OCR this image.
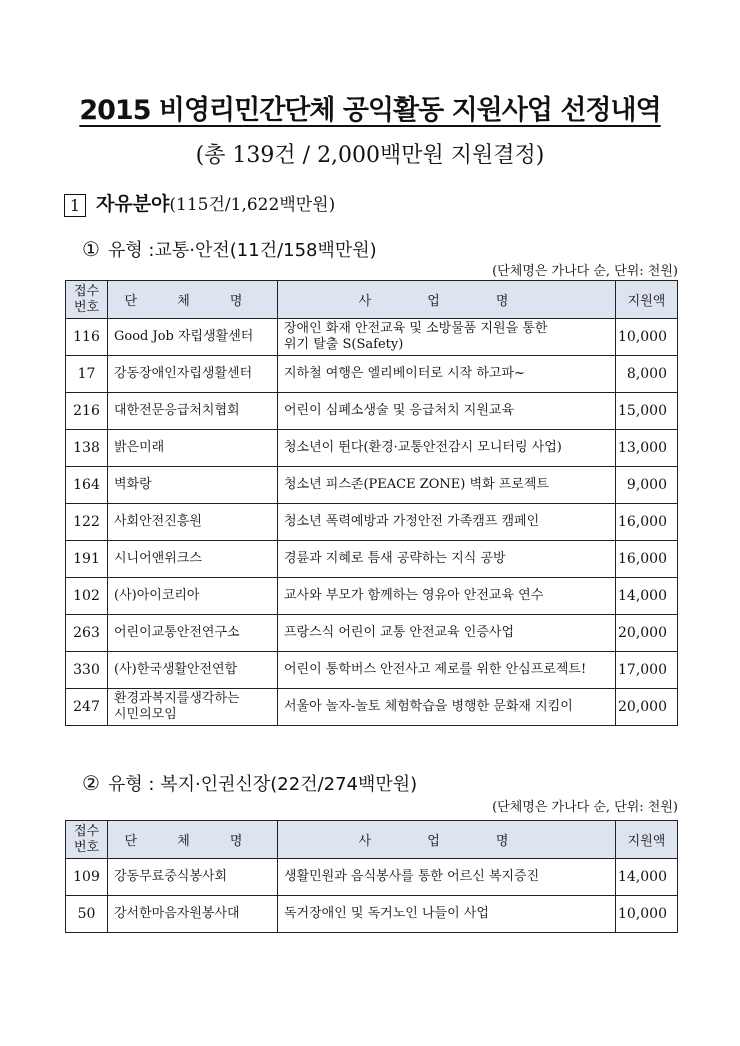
2015 비영리민간단체 공익활동 지원사업 선정내역
(총 139건 / 2,000백만원 지원결정)
1 자유분야(115건/1,622백만원)
① 유형 :교통·안전(11건/158백만원)
(단체명은 가나다 순, 단위: 천원)
접수
번호	단 체 명	사 업 명	지원액
116	Good Job 자립생활센터	장애인 화재 안전교육 및 소방물품 지원을 통한
위기 탈출 S(Safety)	10,000
17	강동장애인자립생활센터	지하철 여행은 엘리베이터로 시작 하고파~	8,000
216	대한전문응급처치협회	어린이 심폐소생술 및 응급처치 지원교육	15,000
138	밝은미래	청소년이 뛴다(환경·교통안전감시 모니터링 사업)	13,000
164	벽화랑	청소년 피스존(PEACE ZONE) 벽화 프로젝트	9,000
122	사회안전진흥원	청소년 폭력예방과 가정안전 가족캠프 캠페인	16,000
191	시니어앤위크스	경륜과 지혜로 틈새 공략하는 지식 공방	16,000
102	(사)아이코리아	교사와 부모가 함께하는 영유아 안전교육 연수	14,000
263	어린이교통안전연구소	프랑스식 어린이 교통 안전교육 인증사업	20,000
330	(사)한국생활안전연합	어린이 통학버스 안전사고 제로를 위한 안심프로젝트!	17,000
247	환경과복지를생각하는
시민의모임	서울아 놀자-놀토 체험학습을 병행한 문화재 지킴이	20,000
② 유형 : 복지·인권신장(22건/274백만원)
(단체명은 가나다 순, 단위: 천원)
접수
번호	단 체 명	사 업 명	지원액
109	강동무료중식봉사회	생활민원과 음식봉사를 통한 어르신 복지증진	14,000
50	강서한마음자원봉사대	독거장애인 및 독거노인 나들이 사업	10,000
